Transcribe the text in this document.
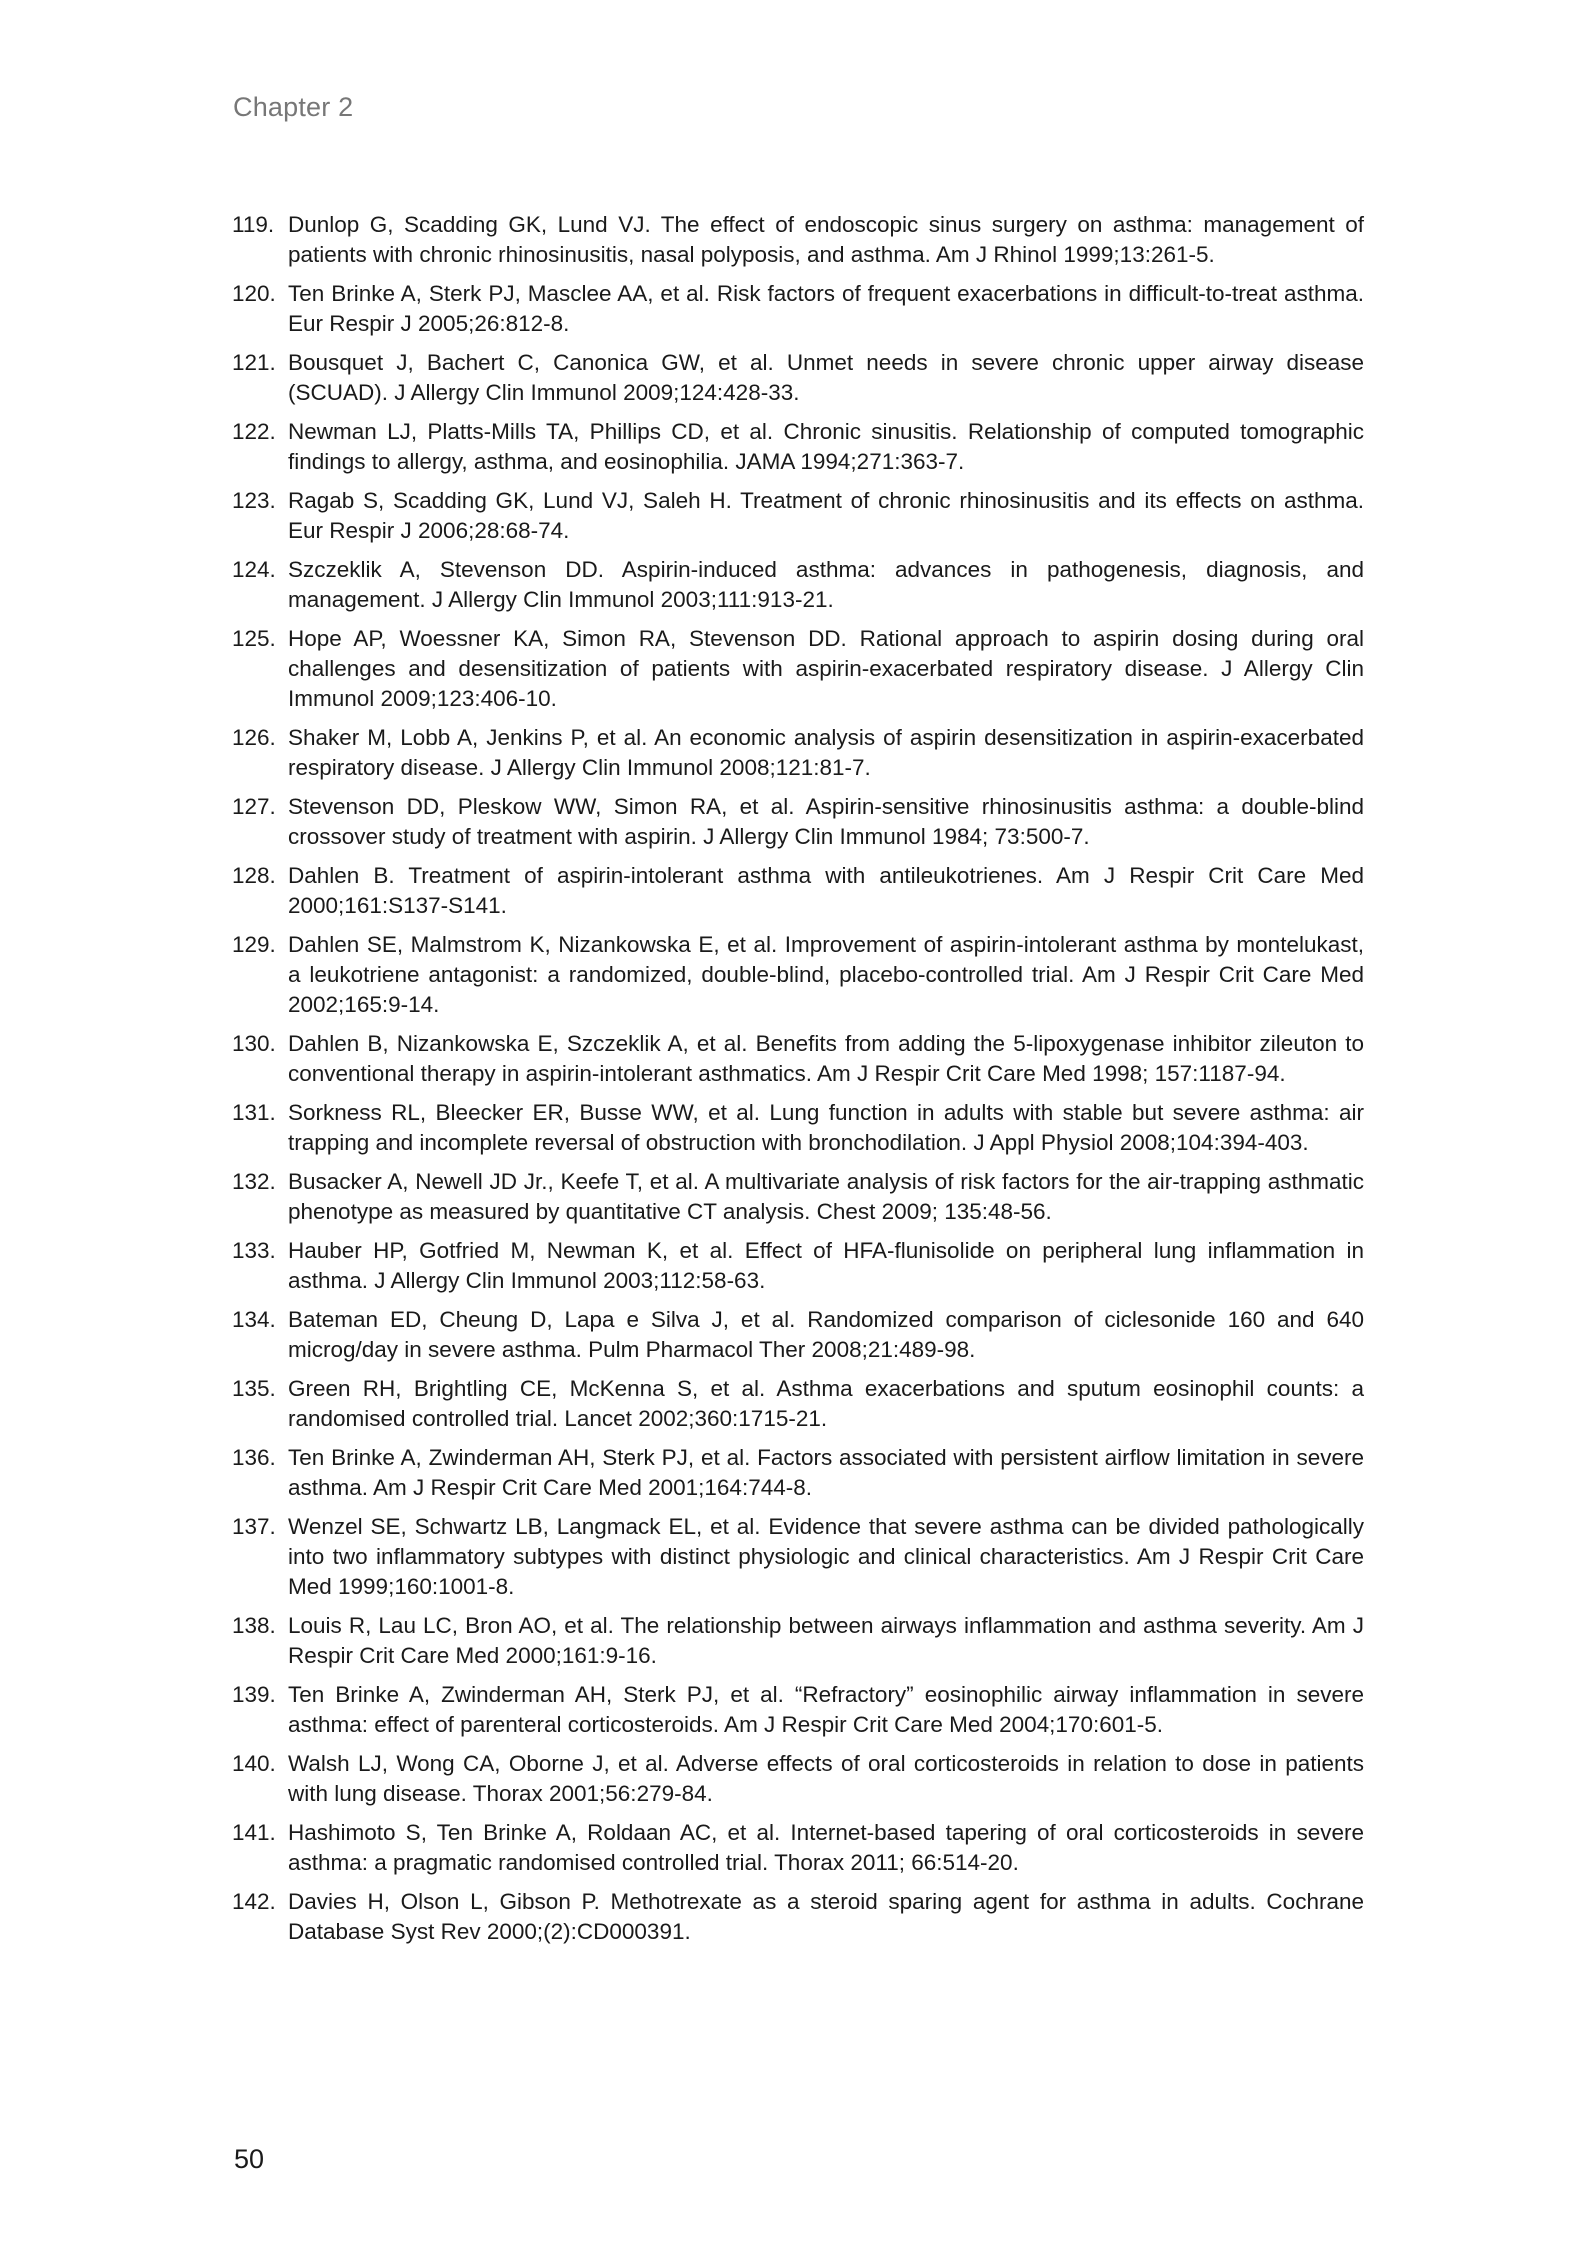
Chapter 2
119. Dunlop G, Scadding GK, Lund VJ. The effect of endoscopic sinus surgery on asthma: management of patients with chronic rhinosinusitis, nasal polyposis, and asthma. Am J Rhinol 1999;13:261-5.
120. Ten Brinke A, Sterk PJ, Masclee AA, et al. Risk factors of frequent exacerbations in difficult-to-treat asthma. Eur Respir J 2005;26:812-8.
121. Bousquet J, Bachert C, Canonica GW, et al. Unmet needs in severe chronic upper airway disease (SCUAD). J Allergy Clin Immunol 2009;124:428-33.
122. Newman LJ, Platts-Mills TA, Phillips CD, et al. Chronic sinusitis. Relationship of computed tomographic findings to allergy, asthma, and eosinophilia. JAMA 1994;271:363-7.
123. Ragab S, Scadding GK, Lund VJ, Saleh H. Treatment of chronic rhinosinusitis and its effects on asthma. Eur Respir J 2006;28:68-74.
124. Szczeklik A, Stevenson DD. Aspirin-induced asthma: advances in pathogenesis, diagnosis, and management. J Allergy Clin Immunol 2003;111:913-21.
125. Hope AP, Woessner KA, Simon RA, Stevenson DD. Rational approach to aspirin dosing during oral challenges and desensitization of patients with aspirin-exacerbated respiratory disease. J Allergy Clin Immunol 2009;123:406-10.
126. Shaker M, Lobb A, Jenkins P, et al. An economic analysis of aspirin desensitization in aspirin-exacerbated respiratory disease. J Allergy Clin Immunol 2008;121:81-7.
127. Stevenson DD, Pleskow WW, Simon RA, et al. Aspirin-sensitive rhinosinusitis asthma: a double-blind crossover study of treatment with aspirin. J Allergy Clin Immunol 1984; 73:500-7.
128. Dahlen B. Treatment of aspirin-intolerant asthma with antileukotrienes. Am J Respir Crit Care Med 2000;161:S137-S141.
129. Dahlen SE, Malmstrom K, Nizankowska E, et al. Improvement of aspirin-intolerant asthma by montelukast, a leukotriene antagonist: a randomized, double-blind, placebo-controlled trial. Am J Respir Crit Care Med 2002;165:9-14.
130. Dahlen B, Nizankowska E, Szczeklik A, et al. Benefits from adding the 5-lipoxygenase inhibitor zileuton to conventional therapy in aspirin-intolerant asthmatics. Am J Respir Crit Care Med 1998; 157:1187-94.
131. Sorkness RL, Bleecker ER, Busse WW, et al. Lung function in adults with stable but severe asthma: air trapping and incomplete reversal of obstruction with bronchodilation. J Appl Physiol 2008;104:394-403.
132. Busacker A, Newell JD Jr., Keefe T, et al. A multivariate analysis of risk factors for the air-trapping asthmatic phenotype as measured by quantitative CT analysis. Chest 2009; 135:48-56.
133. Hauber HP, Gotfried M, Newman K, et al. Effect of HFA-flunisolide on peripheral lung inflammation in asthma. J Allergy Clin Immunol 2003;112:58-63.
134. Bateman ED, Cheung D, Lapa e Silva J, et al. Randomized comparison of ciclesonide 160 and 640 microg/day in severe asthma. Pulm Pharmacol Ther 2008;21:489-98.
135. Green RH, Brightling CE, McKenna S, et al. Asthma exacerbations and sputum eosinophil counts: a randomised controlled trial. Lancet 2002;360:1715-21.
136. Ten Brinke A, Zwinderman AH, Sterk PJ, et al. Factors associated with persistent airflow limitation in severe asthma. Am J Respir Crit Care Med 2001;164:744-8.
137. Wenzel SE, Schwartz LB, Langmack EL, et al. Evidence that severe asthma can be divided pathologically into two inflammatory subtypes with distinct physiologic and clinical characteristics. Am J Respir Crit Care Med 1999;160:1001-8.
138. Louis R, Lau LC, Bron AO, et al. The relationship between airways inflammation and asthma severity. Am J Respir Crit Care Med 2000;161:9-16.
139. Ten Brinke A, Zwinderman AH, Sterk PJ, et al. “Refractory” eosinophilic airway inflammation in severe asthma: effect of parenteral corticosteroids. Am J Respir Crit Care Med 2004;170:601-5.
140. Walsh LJ, Wong CA, Oborne J, et al. Adverse effects of oral corticosteroids in relation to dose in patients with lung disease. Thorax 2001;56:279-84.
141. Hashimoto S, Ten Brinke A, Roldaan AC, et al. Internet-based tapering of oral corticosteroids in severe asthma: a pragmatic randomised controlled trial. Thorax 2011; 66:514-20.
142. Davies H, Olson L, Gibson P. Methotrexate as a steroid sparing agent for asthma in adults. Cochrane Database Syst Rev 2000;(2):CD000391.
50
